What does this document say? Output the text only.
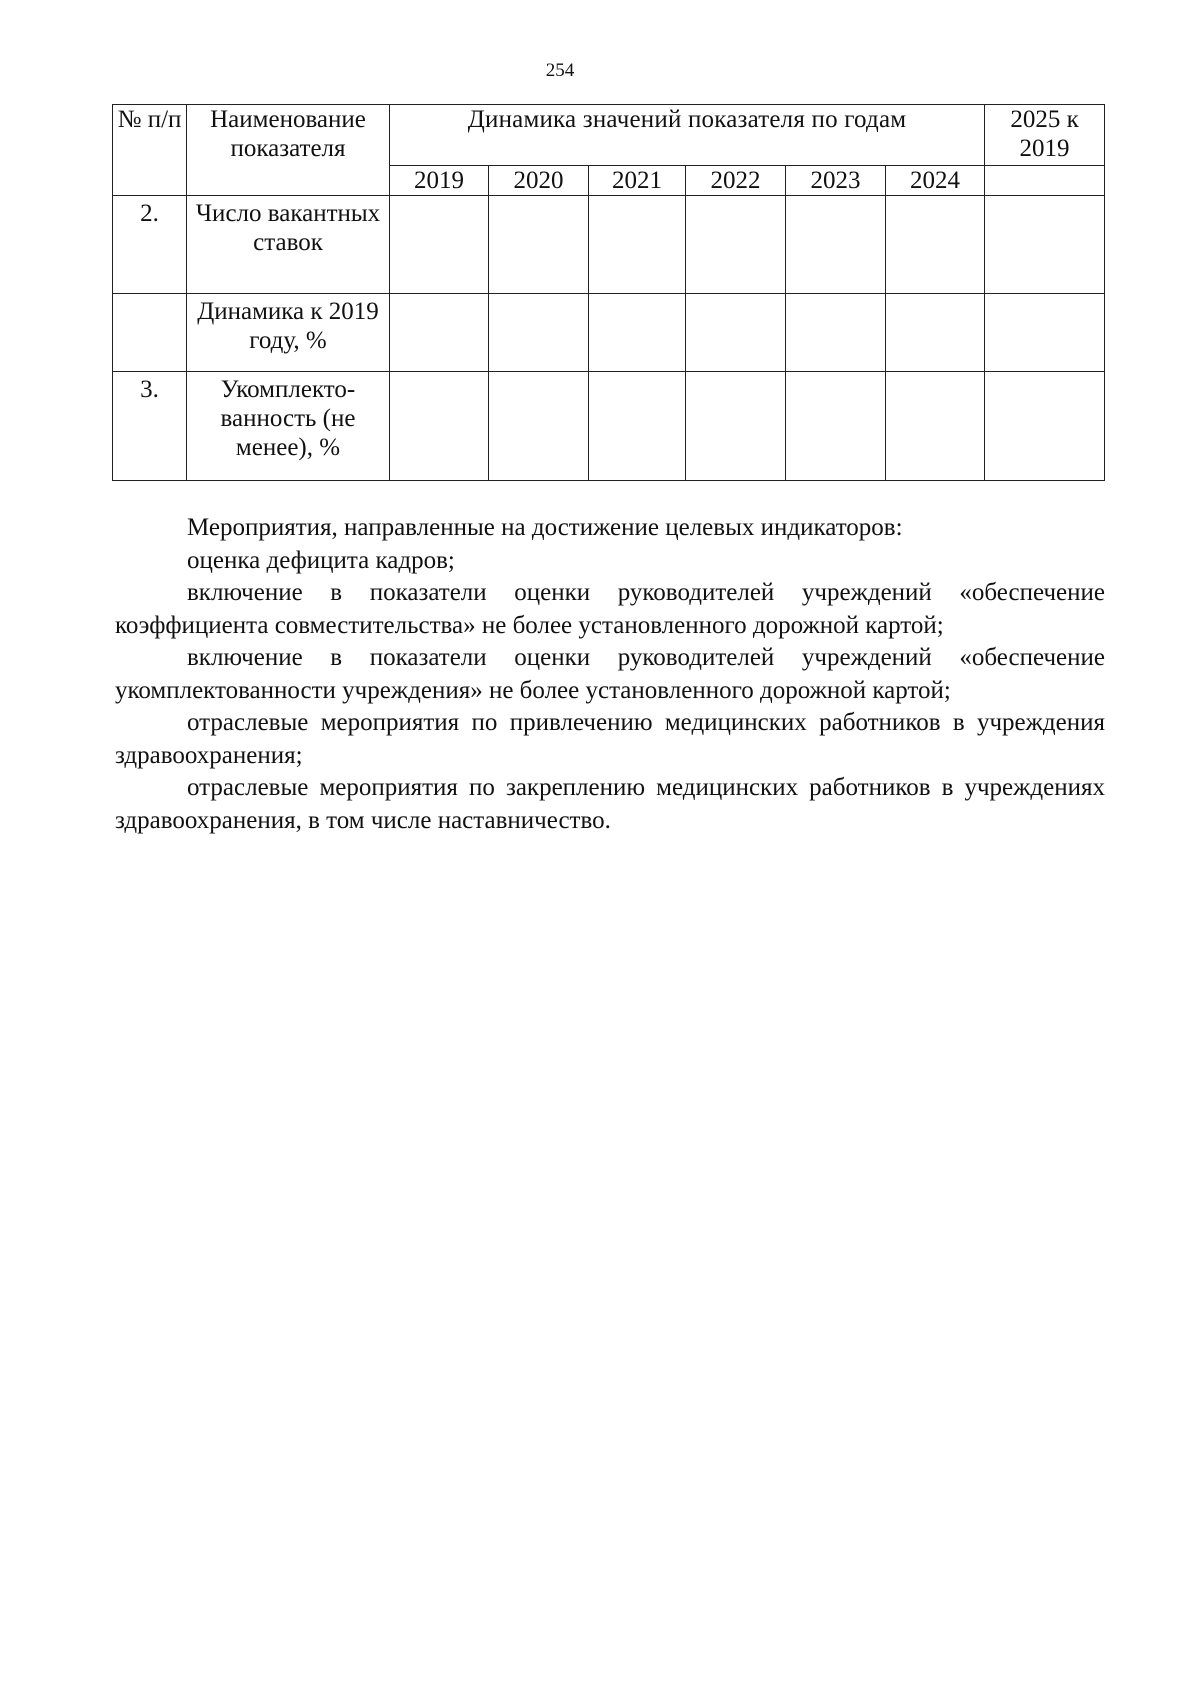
254
№ п/п	Наименование показателя	Динамика значений показателя по годам						2025 к 2019
		2019	2020	2021	2022	2023	2024	
2.	Число вакантных ставок							
	Динамика к 2019 году, %							
3.	Укомплекто-ванность (не менее), %							

Мероприятия, направленные на достижение целевых индикаторов:

оценка дефицита кадров;

включение в показатели оценки руководителей учреждений «обеспечение коэффициента совместительства» не более установленного дорожной картой;

включение в показатели оценки руководителей учреждений «обеспечение укомплектованности учреждения» не более установленного дорожной картой;

отраслевые мероприятия по привлечению медицинских работников в учреждения здравоохранения;

отраслевые мероприятия по закреплению медицинских работников в учреждениях здравоохранения, в том числе наставничество.
